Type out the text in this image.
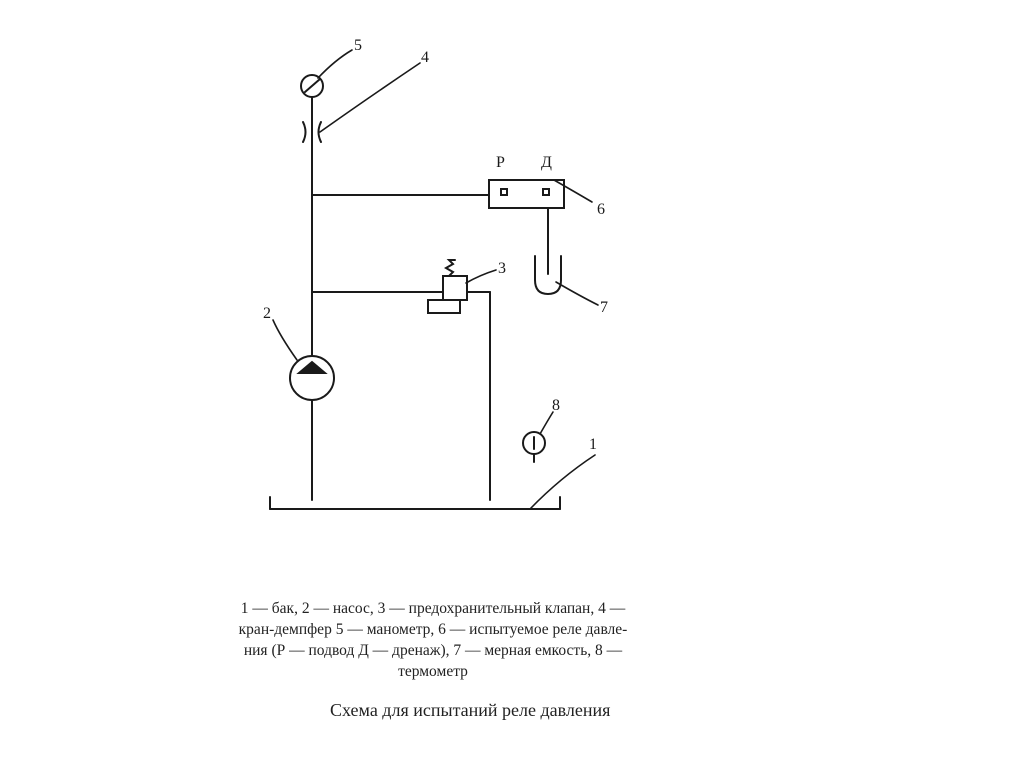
1
2
3
4
5
6
7
8
Р Д
1 — бак, 2 — насос, 3 — предохранительный клапан, 4 —
кран-демпфер 5 — манометр, 6 — испытуемое реле давле-
ния (Р — подвод Д — дренаж), 7 — мерная емкость, 8 —
термометр
Схема для испытаний реле давления
